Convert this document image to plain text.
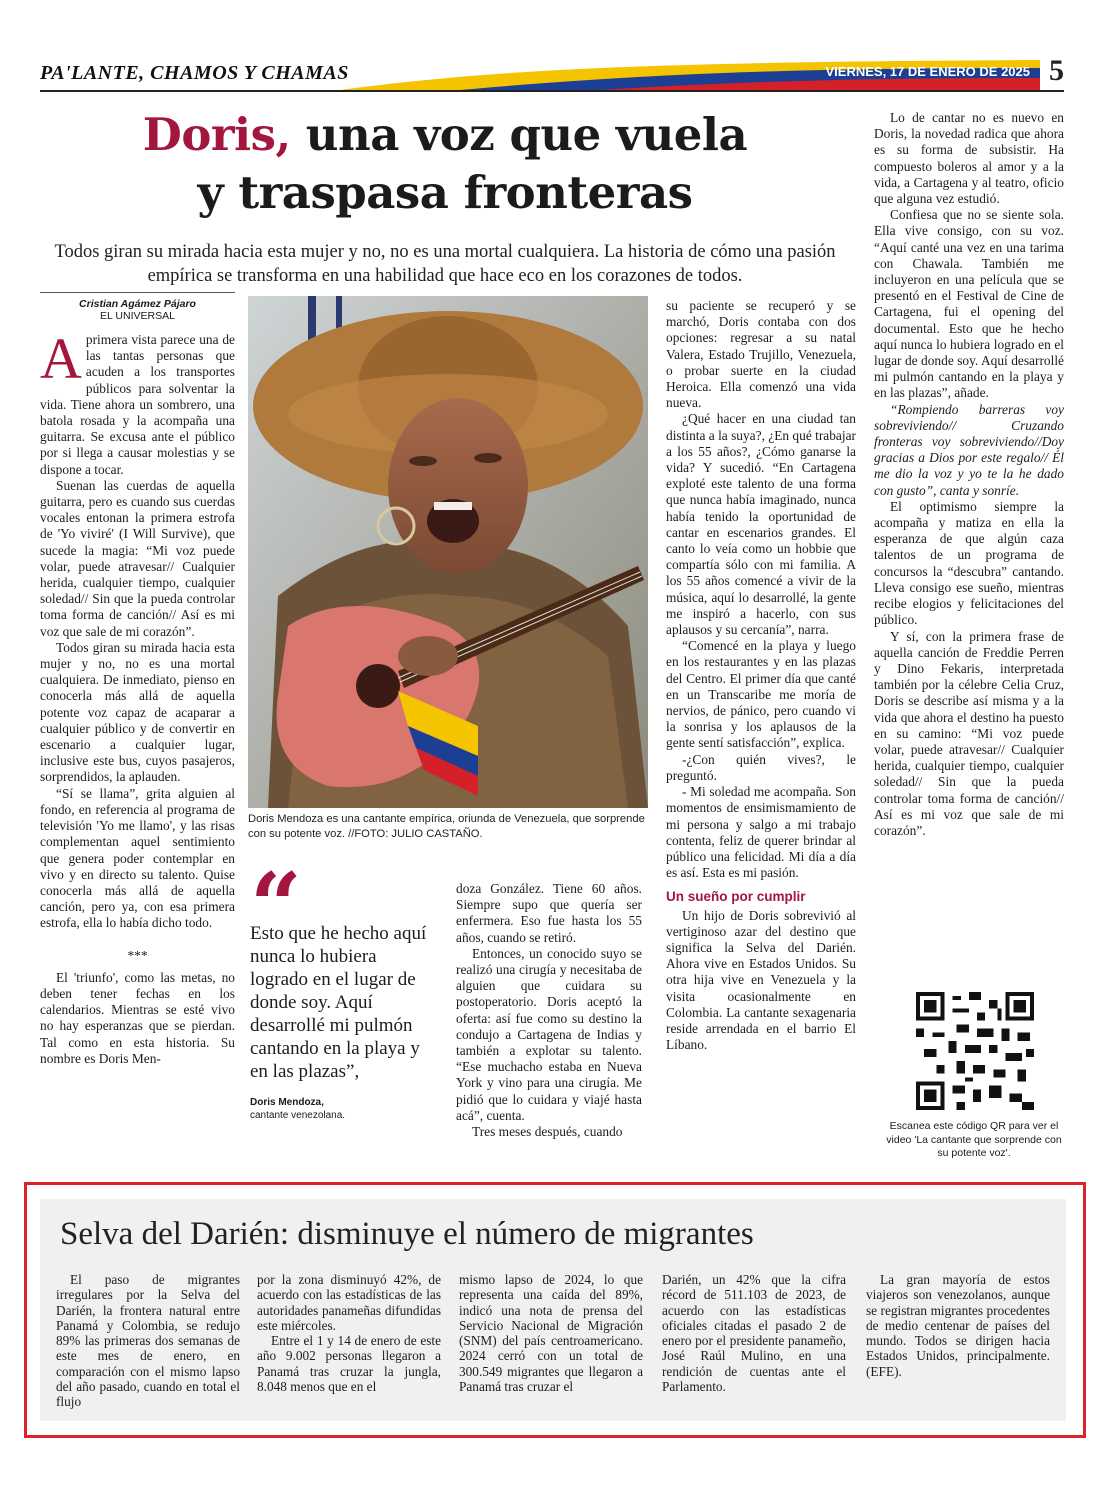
PA'LANTE, CHAMOS Y CHAMAS	VIERNES, 17 DE ENERO DE 2025 5
Doris, una voz que vuela
y traspasa fronteras
Todos giran su mirada hacia esta mujer y no, no es una mortal cualquiera. La historia de cómo una pasión empírica se transforma en una habilidad que hace eco en los corazones de todos.
Cristian Agámez Pájaro
EL UNIVERSAL

Aprimera vista parece una de las tantas personas que acuden a los transportes públicos para solventar la vida. Tiene ahora un sombrero, una batola rosada y la acompaña una guitarra. Se excusa ante el público por si llega a causar molestias y se dispone a tocar.

Suenan las cuerdas de aquella guitarra, pero es cuando sus cuerdas vocales entonan la primera estrofa de 'Yo viviré' (I Will Survive), que sucede la magia: “Mi voz puede volar, puede atravesar// Cualquier herida, cualquier tiempo, cualquier soledad// Sin que la pueda controlar toma forma de canción// Así es mi voz que sale de mi corazón”.

Todos giran su mirada hacia esta mujer y no, no es una mortal cualquiera. De inmediato, pienso en conocerla más allá de aquella potente voz capaz de acaparar a cualquier público y de convertir en escenario a cualquier lugar, inclusive este bus, cuyos pasajeros, sorprendidos, la aplauden.

“Sí se llama”, grita alguien al fondo, en referencia al programa de televisión 'Yo me llamo', y las risas complementan aquel sentimiento que genera poder contemplar en vivo y en directo su talento. Quise conocerla más allá de aquella canción, pero ya, con esa primera estrofa, ella lo había dicho todo.

***

El 'triunfo', como las metas, no deben tener fechas en los calendarios. Mientras se esté vivo no hay esperanzas que se pierdan. Tal como en esta historia. Su nombre es Doris Men-

Doris Mendoza es una cantante empírica, oriunda de Venezuela, que sorprende con su potente voz. //FOTO: JULIO CASTAÑO.
“
Esto que he hecho aquí nunca lo hubiera logrado en el lugar de donde soy. Aquí desarrollé mi pulmón cantando en la playa y en las plazas”,
Doris Mendoza,
cantante venezolana.

doza González. Tiene 60 años. Siempre supo que quería ser enfermera. Eso fue hasta los 55 años, cuando se retiró.

Entonces, un conocido suyo se realizó una cirugía y necesitaba de alguien que cuidara su postoperatorio. Doris aceptó la oferta: así fue como su destino la condujo a Cartagena de Indias y también a explotar su talento. “Ese muchacho estaba en Nueva York y vino para una cirugía. Me pidió que lo cuidara y viajé hasta acá”, cuenta.

Tres meses después, cuando

su paciente se recuperó y se marchó, Doris contaba con dos opciones: regresar a su natal Valera, Estado Trujillo, Venezuela, o probar suerte en la ciudad Heroica. Ella comenzó una vida nueva.

¿Qué hacer en una ciudad tan distinta a la suya?, ¿En qué trabajar a los 55 años?, ¿Cómo ganarse la vida? Y sucedió. “En Cartagena exploté este talento de una forma que nunca había imaginado, nunca había tenido la oportunidad de cantar en escenarios grandes. El canto lo veía como un hobbie que compartía sólo con mi familia. A los 55 años comencé a vivir de la música, aquí lo desarrollé, la gente me inspiró a hacerlo, con sus aplausos y su cercanía”, narra.

“Comencé en la playa y luego en los restaurantes y en las plazas del Centro. El primer día que canté en un Transcaribe me moría de nervios, de pánico, pero cuando vi la sonrisa y los aplausos de la gente sentí satisfacción”, explica.

-¿Con quién vives?, le preguntó.

- Mi soledad me acompaña. Son momentos de ensimismamiento de mi persona y salgo a mi trabajo contenta, feliz de querer brindar al público una felicidad. Mi día a día es así. Esta es mi pasión.

Un sueño por cumplir

Un hijo de Doris sobrevivió al vertiginoso azar del destino que significa la Selva del Darién. Ahora vive en Estados Unidos. Su otra hija vive en Venezuela y la visita ocasionalmente en Colombia. La cantante sexagenaria reside arrendada en el barrio El Líbano.

Lo de cantar no es nuevo en Doris, la novedad radica que ahora es su forma de subsistir. Ha compuesto boleros al amor y a la vida, a Cartagena y al teatro, oficio que alguna vez estudió.

Confiesa que no se siente sola. Ella vive consigo, con su voz. “Aquí canté una vez en una tarima con Chawala. También me incluyeron en una película que se presentó en el Festival de Cine de Cartagena, fui el opening del documental. Esto que he hecho aquí nunca lo hubiera logrado en el lugar de donde soy. Aquí desarrollé mi pulmón cantando en la playa y en las plazas”, añade.

“Rompiendo barreras voy sobreviviendo// Cruzando fronteras voy sobreviviendo//Doy gracias a Dios por este regalo// Él me dio la voz y yo te la he dado con gusto”, canta y sonríe.

El optimismo siempre la acompaña y matiza en ella la esperanza de que algún caza talentos de un programa de concursos la “descubra” cantando. Lleva consigo ese sueño, mientras recibe elogios y felicitaciones del público.

Y sí, con la primera frase de aquella canción de Freddie Perren y Dino Fekaris, interpretada también por la célebre Celia Cruz, Doris se describe así misma y a la vida que ahora el destino ha puesto en su camino: “Mi voz puede volar, puede atravesar// Cualquier herida, cualquier tiempo, cualquier soledad// Sin que la pueda controlar toma forma de canción// Así es mi voz que sale de mi corazón”.

Escanea este código QR para ver el video 'La cantante que sorprende con su potente voz'.
Selva del Darién: disminuye el número de migrantes

El paso de migrantes irregulares por la Selva del Darién, la frontera natural entre Panamá y Colombia, se redujo 89% las primeras dos semanas de este mes de enero, en comparación con el mismo lapso del año pasado, cuando en total el flujo

por la zona disminuyó 42%, de acuerdo con las estadísticas de las autoridades panameñas difundidas este miércoles.

Entre el 1 y 14 de enero de este año 9.002 personas llegaron a Panamá tras cruzar la jungla, 8.048 menos que en el

mismo lapso de 2024, lo que representa una caída del 89%, indicó una nota de prensa del Servicio Nacional de Migración (SNM) del país centroamericano. 2024 cerró con un total de 300.549 migrantes que llegaron a Panamá tras cruzar el

Darién, un 42% que la cifra récord de 511.103 de 2023, de acuerdo con las estadísticas oficiales citadas el pasado 2 de enero por el presidente panameño, José Raúl Mulino, en una rendición de cuentas ante el Parlamento.

La gran mayoría de estos viajeros son venezolanos, aunque se registran migrantes procedentes de medio centenar de países del mundo. Todos se dirigen hacia Estados Unidos, principalmente. (EFE).
